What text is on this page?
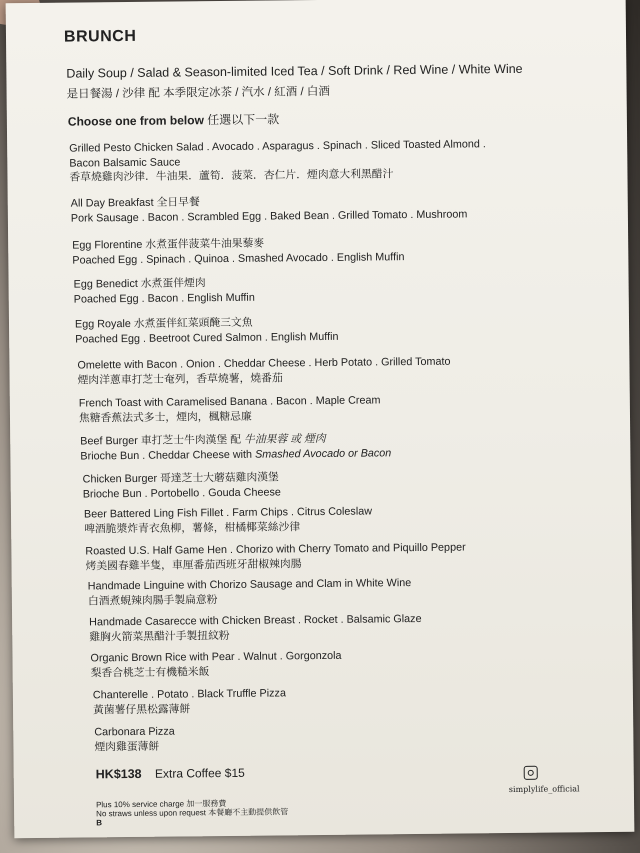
BRUNCH
Daily Soup / Salad & Season-limited Iced Tea / Soft Drink / Red Wine / White Wine
是日餐湯 / 沙律 配 本季限定冰茶 / 汽水 / 紅酒 / 白酒
Choose one from below 任選以下一款
Grilled Pesto Chicken Salad . Avocado . Asparagus . Spinach . Sliced Toasted Almond .
Bacon Balsamic Sauce
香草燒雞肉沙律．牛油果．蘆筍．菠菜．杏仁片．煙肉意大利黑醋汁
All Day Breakfast 全日早餐
Pork Sausage . Bacon . Scrambled Egg . Baked Bean . Grilled Tomato . Mushroom
Egg Florentine 水煮蛋伴菠菜牛油果藜麥
Poached Egg . Spinach . Quinoa . Smashed Avocado . English Muffin
Egg Benedict 水煮蛋伴煙肉
Poached Egg . Bacon . English Muffin
Egg Royale 水煮蛋伴紅菜頭醃三文魚
Poached Egg . Beetroot Cured Salmon . English Muffin
Omelette with Bacon . Onion . Cheddar Cheese . Herb Potato . Grilled Tomato
煙肉洋蔥車打芝士奄列，香草燒薯，燒番茄
French Toast with Caramelised Banana . Bacon . Maple Cream
焦糖香蕉法式多士，煙肉，楓糖忌廉
Beef Burger 車打芝士牛肉漢堡 配 牛油果蓉 或 煙肉
Brioche Bun . Cheddar Cheese with Smashed Avocado or Bacon
Chicken Burger 哥達芝士大蘑菇雞肉漢堡
Brioche Bun . Portobello . Gouda Cheese
Beer Battered Ling Fish Fillet . Farm Chips . Citrus Coleslaw
啤酒脆漿炸青衣魚柳，薯條，柑橘椰菜絲沙律
Roasted U.S. Half Game Hen . Chorizo with Cherry Tomato and Piquillo Pepper
烤美國春雞半隻，車厘番茄西班牙甜椒辣肉腸
Handmade Linguine with Chorizo Sausage and Clam in White Wine
白酒煮蜆辣肉腸手製扁意粉
Handmade Casarecce with Chicken Breast . Rocket . Balsamic Glaze
雞胸火箭菜黑醋汁手製扭紋粉
Organic Brown Rice with Pear . Walnut . Gorgonzola
梨香合桃芝士有機糙米飯
Chanterelle . Potato . Black Truffle Pizza
黃菌薯仔黑松露薄餅
Carbonara Pizza
煙肉雞蛋薄餅
HK$138 Extra Coffee $15
simplylife_official
Plus 10% service charge 加一服務費
No straws unless upon request 本餐廳不主動提供飲管
B
